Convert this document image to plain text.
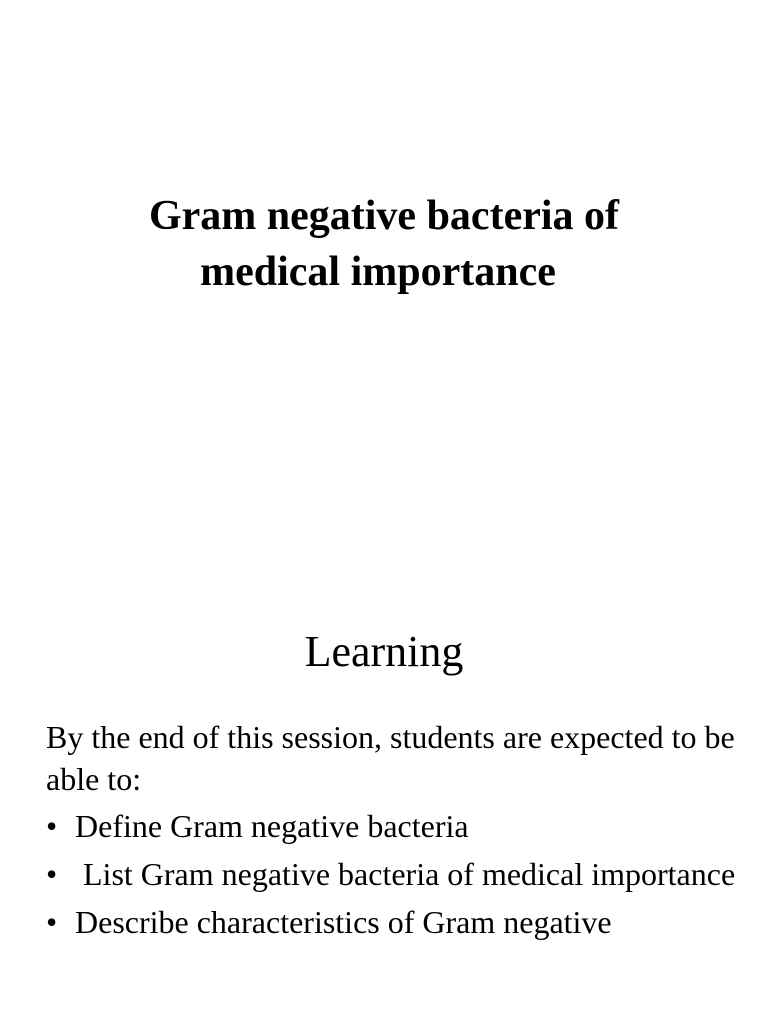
Gram negative bacteria of
medical importance
Learning

By the end of this session, students are expected to be able to:

• Define Gram negative bacteria
• List Gram negative bacteria of medical importance
• Describe characteristics of Gram negative
